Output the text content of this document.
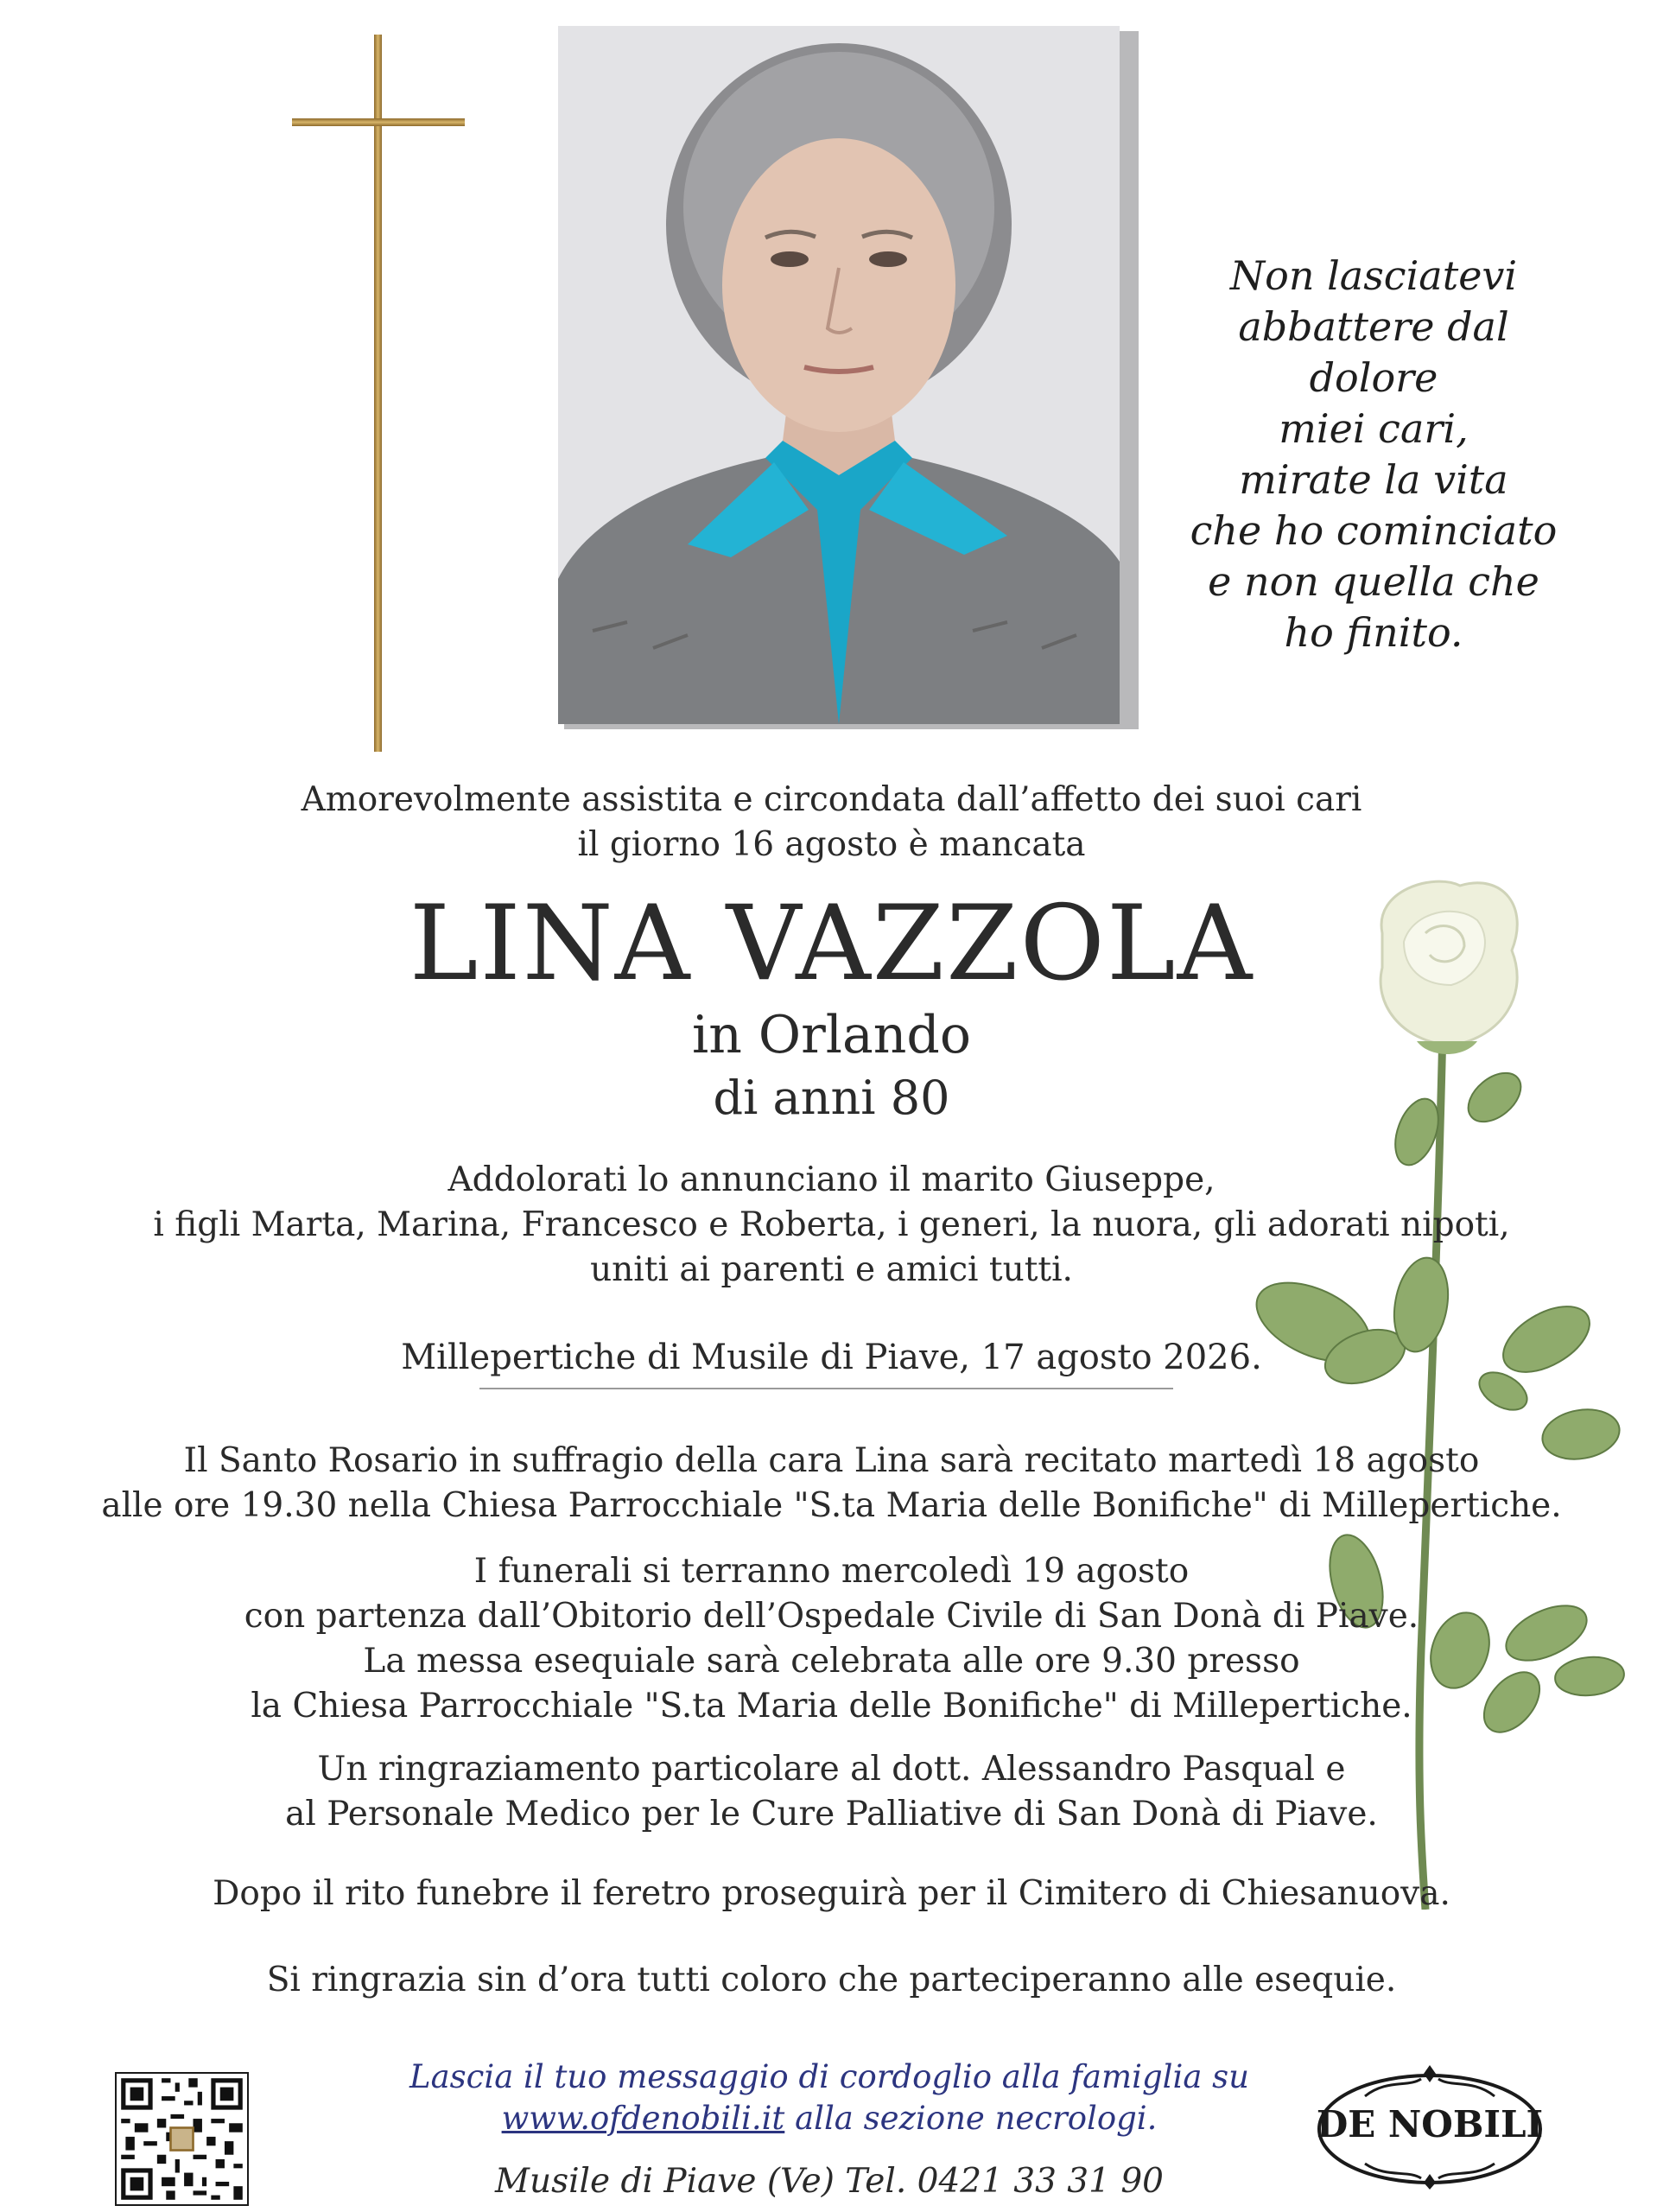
Non lasciatevi
abbattere dal
dolore
miei cari,
mirate la vita
che ho cominciato
e non quella che
ho finito.
Amorevolmente assistita e circondata dall’affetto dei suoi cari
il giorno 16 agosto è mancata
LINA VAZZOLA
in Orlando
di anni 80
Addolorati lo annunciano il marito Giuseppe,
i figli Marta, Marina, Francesco e Roberta, i generi, la nuora, gli adorati nipoti,
uniti ai parenti e amici tutti.
Millepertiche di Musile di Piave, 17 agosto 2026.
Il Santo Rosario in suffragio della cara Lina sarà recitato martedì 18 agosto
alle ore 19.30 nella Chiesa Parrocchiale "S.ta Maria delle Bonifiche" di Millepertiche.
I funerali si terranno mercoledì 19 agosto
con partenza dall’Obitorio dell’Ospedale Civile di San Donà di Piave.
La messa esequiale sarà celebrata alle ore 9.30 presso
la Chiesa Parrocchiale "S.ta Maria delle Bonifiche" di Millepertiche.
Un ringraziamento particolare al dott. Alessandro Pasqual e
al Personale Medico per le Cure Palliative di San Donà di Piave.
Dopo il rito funebre il feretro proseguirà per il Cimitero di Chiesanuova.
Si ringrazia sin d’ora tutti coloro che parteciperanno alle esequie.
Lascia il tuo messaggio di cordoglio alla famiglia su
www.ofdenobili.it alla sezione necrologi.
Musile di Piave (Ve) Tel. 0421 33 31 90
DE NOBILI
